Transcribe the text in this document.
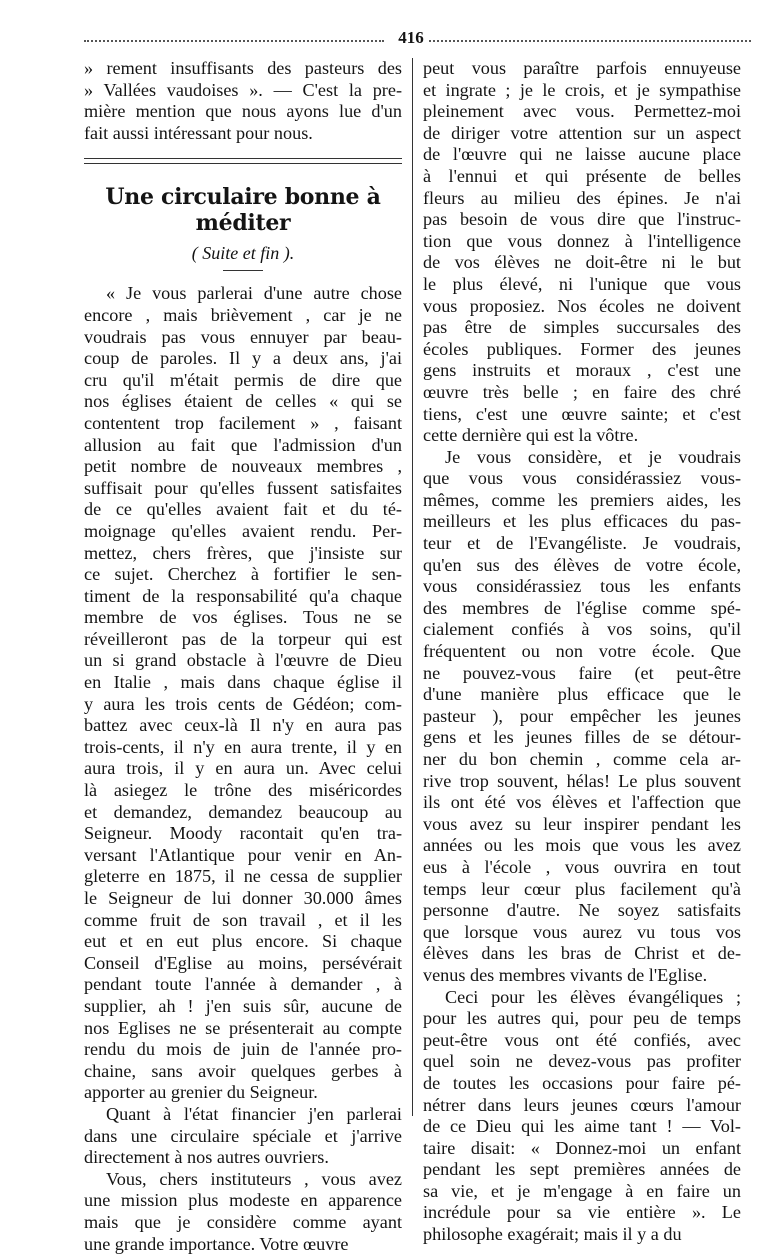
416

» rement insuffisants des pasteurs des
» Vallées vaudoises ». — C'est la pre-
mière mention que nous ayons lue d'un
fait aussi intéressant pour nous.

Une circulaire bonne à méditer
( Suite et fin ).

« Je vous parlerai d'une autre chose
encore , mais brièvement , car je ne
voudrais pas vous ennuyer par beau-
coup de paroles. Il y a deux ans, j'ai
cru qu'il m'était permis de dire que
nos églises étaient de celles « qui se
contentent trop facilement » , faisant
allusion au fait que l'admission d'un
petit nombre de nouveaux membres ,
suffisait pour qu'elles fussent satisfaites
de ce qu'elles avaient fait et du té-
moignage qu'elles avaient rendu. Per-
mettez, chers frères, que j'insiste sur
ce sujet. Cherchez à fortifier le sen-
timent de la responsabilité qu'a chaque
membre de vos églises. Tous ne se
réveilleront pas de la torpeur qui est
un si grand obstacle à l'œuvre de Dieu
en Italie , mais dans chaque église il
y aura les trois cents de Gédéon; com-
battez avec ceux-là Il n'y en aura pas
trois-cents, il n'y en aura trente, il y en
aura trois, il y en aura un. Avec celui
là asiegez le trône des miséricordes
et demandez, demandez beaucoup au
Seigneur. Moody racontait qu'en tra-
versant l'Atlantique pour venir en An-
gleterre en 1875, il ne cessa de supplier
le Seigneur de lui donner 30.000 âmes
comme fruit de son travail , et il les
eut et en eut plus encore. Si chaque
Conseil d'Eglise au moins, persévérait
pendant toute l'année à demander , à
supplier, ah ! j'en suis sûr, aucune de
nos Eglises ne se présenterait au compte
rendu du mois de juin de l'année pro-
chaine, sans avoir quelques gerbes à
apporter au grenier du Seigneur.

Quant à l'état financier j'en parlerai
dans une circulaire spéciale et j'arrive
directement à nos autres ouvriers.

Vous, chers instituteurs , vous avez
une mission plus modeste en apparence
mais que je considère comme ayant
une grande importance. Votre œuvre

peut vous paraître parfois ennuyeuse
et ingrate ; je le crois, et je sympathise
pleinement avec vous. Permettez-moi
de diriger votre attention sur un aspect
de l'œuvre qui ne laisse aucune place
à l'ennui et qui présente de belles
fleurs au milieu des épines. Je n'ai
pas besoin de vous dire que l'instruc-
tion que vous donnez à l'intelligence
de vos élèves ne doit-être ni le but
le plus élevé, ni l'unique que vous
vous proposiez. Nos écoles ne doivent
pas être de simples succursales des
écoles publiques. Former des jeunes
gens instruits et moraux , c'est une
œuvre très belle ; en faire des chré
tiens, c'est une œuvre sainte; et c'est
cette dernière qui est la vôtre.

Je vous considère, et je voudrais
que vous vous considérassiez vous-
mêmes, comme les premiers aides, les
meilleurs et les plus efficaces du pas-
teur et de l'Evangéliste. Je voudrais,
qu'en sus des élèves de votre école,
vous considérassiez tous les enfants
des membres de l'église comme spé-
cialement confiés à vos soins, qu'il
fréquentent ou non votre école. Que
ne pouvez-vous faire (et peut-être
d'une manière plus efficace que le
pasteur ), pour empêcher les jeunes
gens et les jeunes filles de se détour-
ner du bon chemin , comme cela ar-
rive trop souvent, hélas! Le plus souvent
ils ont été vos élèves et l'affection que
vous avez su leur inspirer pendant les
années ou les mois que vous les avez
eus à l'école , vous ouvrira en tout
temps leur cœur plus facilement qu'à
personne d'autre. Ne soyez satisfaits
que lorsque vous aurez vu tous vos
élèves dans les bras de Christ et de-
venus des membres vivants de l'Eglise.

Ceci pour les élèves évangéliques ;
pour les autres qui, pour peu de temps
peut-être vous ont été confiés, avec
quel soin ne devez-vous pas profiter
de toutes les occasions pour faire pé-
nétrer dans leurs jeunes cœurs l'amour
de ce Dieu qui les aime tant ! — Vol-
taire disait: « Donnez-moi un enfant
pendant les sept premières années de
sa vie, et je m'engage à en faire un
incrédule pour sa vie entière ». Le
philosophe exagérait; mais il y a du
